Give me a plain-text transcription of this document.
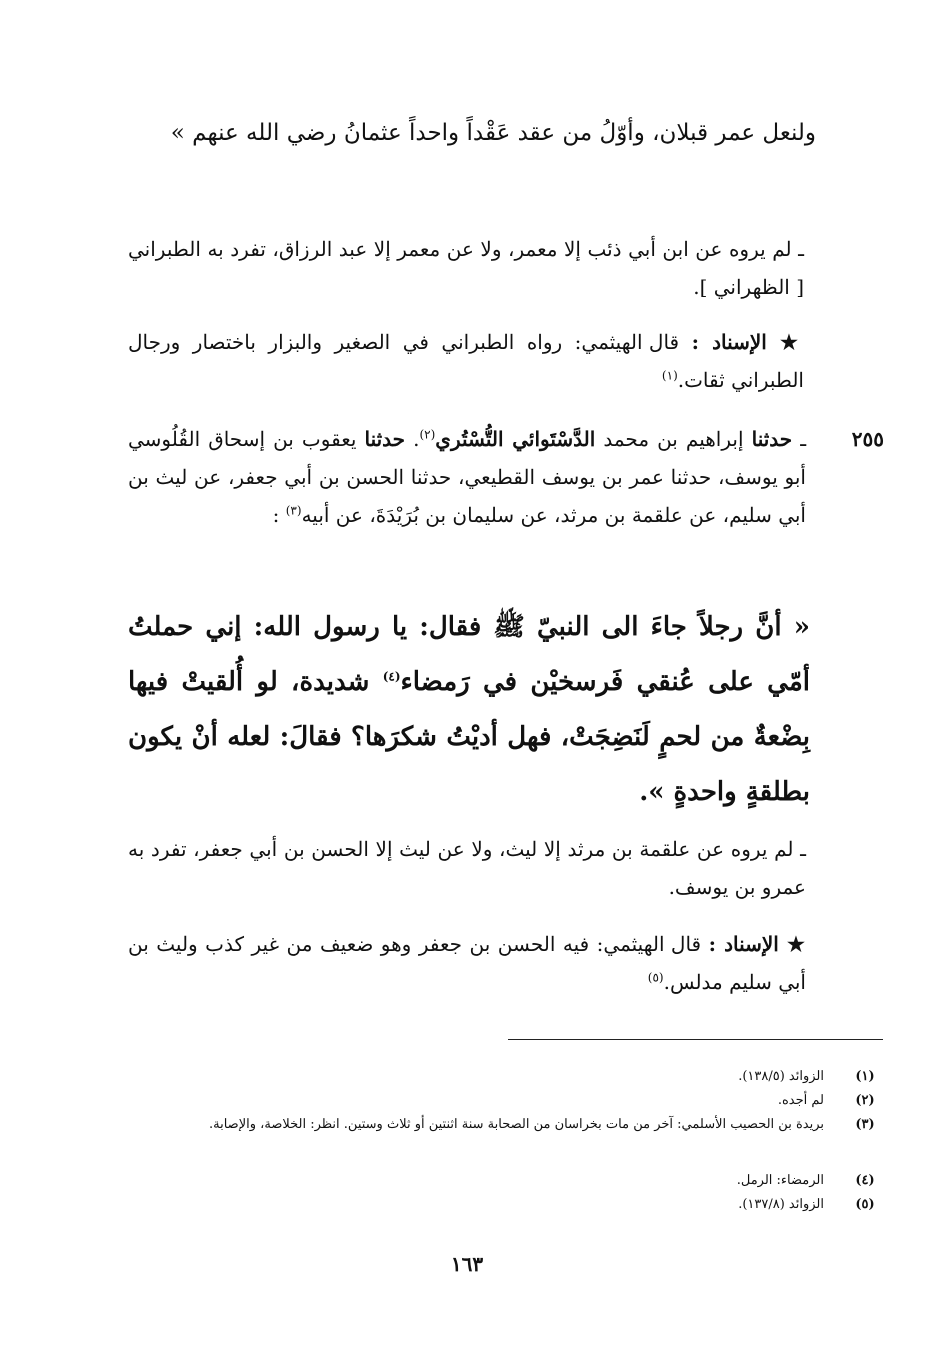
ولنعل عمر قبلان، وأوّلُ من عقد عَقْداً واحداً عثمانُ رضي الله عنهم »

ـ لم يروه عن ابن أبي ذئب إلا معمر، ولا عن معمر إلا عبد الرزاق، تفرد به الطبراني [ الظهراني ].

★ الإسناد : قال الهيثمي: رواه الطبراني في الصغير والبزار باختصار ورجال الطبراني ثقات.$^{(١)}$

٢٥٥

ـ حدثنا إبراهيم بن محمد الدَّسْتَوائي التُّسْتُري$^{(٢)}$. حدثنا يعقوب بن إسحاق القُلُوسي أبو يوسف، حدثنا عمر بن يوسف القطيعي، حدثنا الحسن بن أبي جعفر، عن ليث بن أبي سليم، عن علقمة بن مرثد، عن سليمان بن بُرَيْدَةَ، عن أبيه$^{(٣)}$ :

« أنَّ رجلاً جاءَ الى النبيّ ﷺ فقال: يا رسول الله: إني حملتُ أمّي على عُنقي فَرسخيْن في رَمضاء$^{(٤)}$ شديدة، لو أُلقيتْ فيها بِضْعةٌ من لحمٍ لَنَضِجَتْ، فهل أديْتُ شكرَها؟ فقالَ: لعله أنْ يكون بطلقةٍ واحدةٍ ».

ـ لم يروه عن علقمة بن مرثد إلا ليث، ولا عن ليث إلا الحسن بن أبي جعفر، تفرد به عمرو بن يوسف.

★ الإسناد : قال الهيثمي: فيه الحسن بن جعفر وهو ضعيف من غير كذب وليث بن أبي سليم مدلس.$^{(٥)}$

(١)
الزوائد (١٣٨/٥).
(٢)
لم أجده.
(٣)
بريدة بن الحصيب الأسلمي: آخر من مات بخراسان من الصحابة سنة اثنتين أو ثلاث وستين. انظر: الخلاصة، والإصابة.
(٤)
الرمضاء: الرمل.
(٥)
الزوائد (١٣٧/٨).
١٦٣
